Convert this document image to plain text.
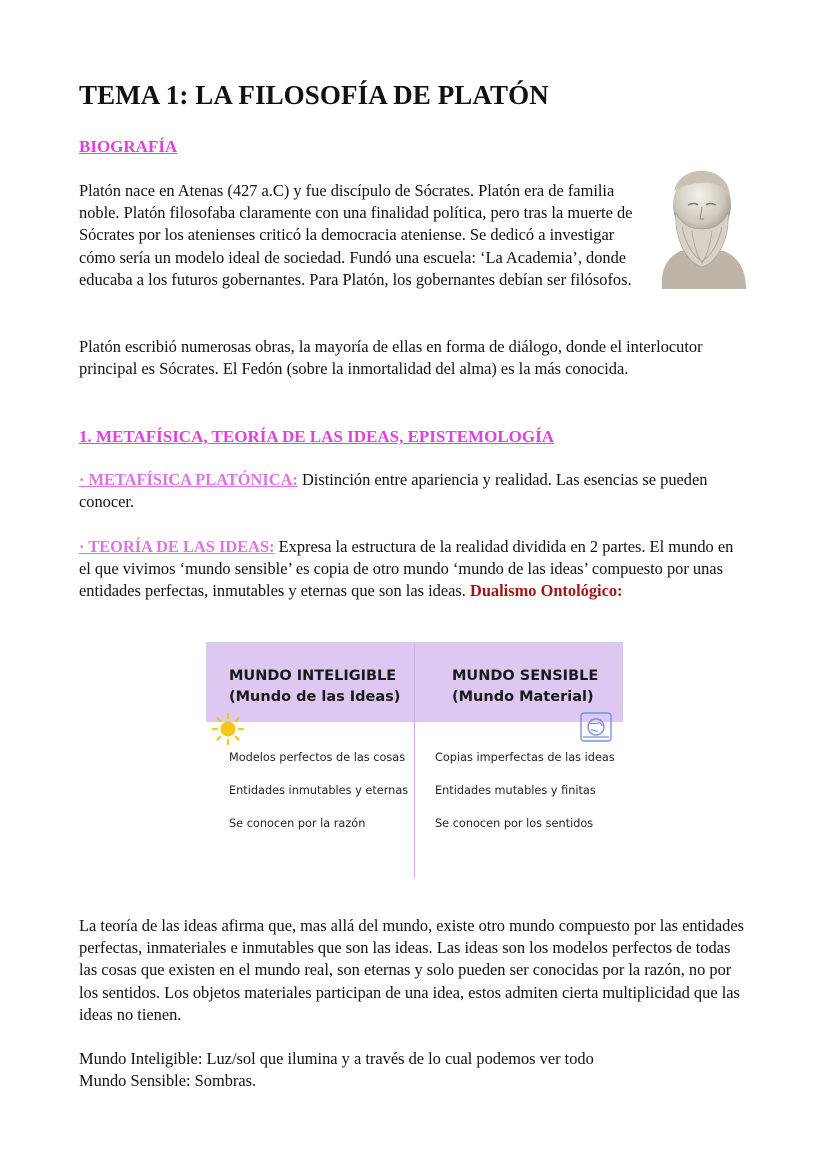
TEMA 1: LA FILOSOFÍA DE PLATÓN

BIOGRAFÍA

Platón nace en Atenas (427 a.C) y fue discípulo de Sócrates. Platón era de familia noble. Platón filosofaba claramente con una finalidad política, pero tras la muerte de Sócrates por los atenienses criticó la democracia ateniense. Se dedicó a investigar cómo sería un modelo ideal de sociedad. Fundó una escuela: ‘La Academia’, donde educaba a los futuros gobernantes. Para Platón, los gobernantes debían ser filósofos.

Platón escribió numerosas obras, la mayoría de ellas en forma de diálogo, donde el interlocutor principal es Sócrates. El Fedón (sobre la inmortalidad del alma) es la más conocida.

1. METAFÍSICA, TEORÍA DE LAS IDEAS, EPISTEMOLOGÍA

· METAFÍSICA PLATÓNICA: Distinción entre apariencia y realidad. Las esencias se pueden conocer.

· TEORÍA DE LAS IDEAS: Expresa la estructura de la realidad dividida en 2 partes. El mundo en el que vivimos ‘mundo sensible’ es copia de otro mundo ‘mundo de las ideas’ compuesto por unas entidades perfectas, inmutables y eternas que son las ideas. Dualismo Ontológico:

MUNDO INTELIGIBLE
(Mundo de las Ideas)
MUNDO SENSIBLE
(Mundo Material)
Modelos perfectos de las cosas
Entidades inmutables y eternas
Se conocen por la razón
Copias imperfectas de las ideas
Entidades mutables y finitas
Se conocen por los sentidos

La teoría de las ideas afirma que, mas allá del mundo, existe otro mundo compuesto por las entidades perfectas, inmateriales e inmutables que son las ideas. Las ideas son los modelos perfectos de todas las cosas que existen en el mundo real, son eternas y solo pueden ser conocidas por la razón, no por los sentidos. Los objetos materiales participan de una idea, estos admiten cierta multiplicidad que las ideas no tienen.

Mundo Inteligible: Luz/sol que ilumina y a través de lo cual podemos ver todo

Mundo Sensible: Sombras.
